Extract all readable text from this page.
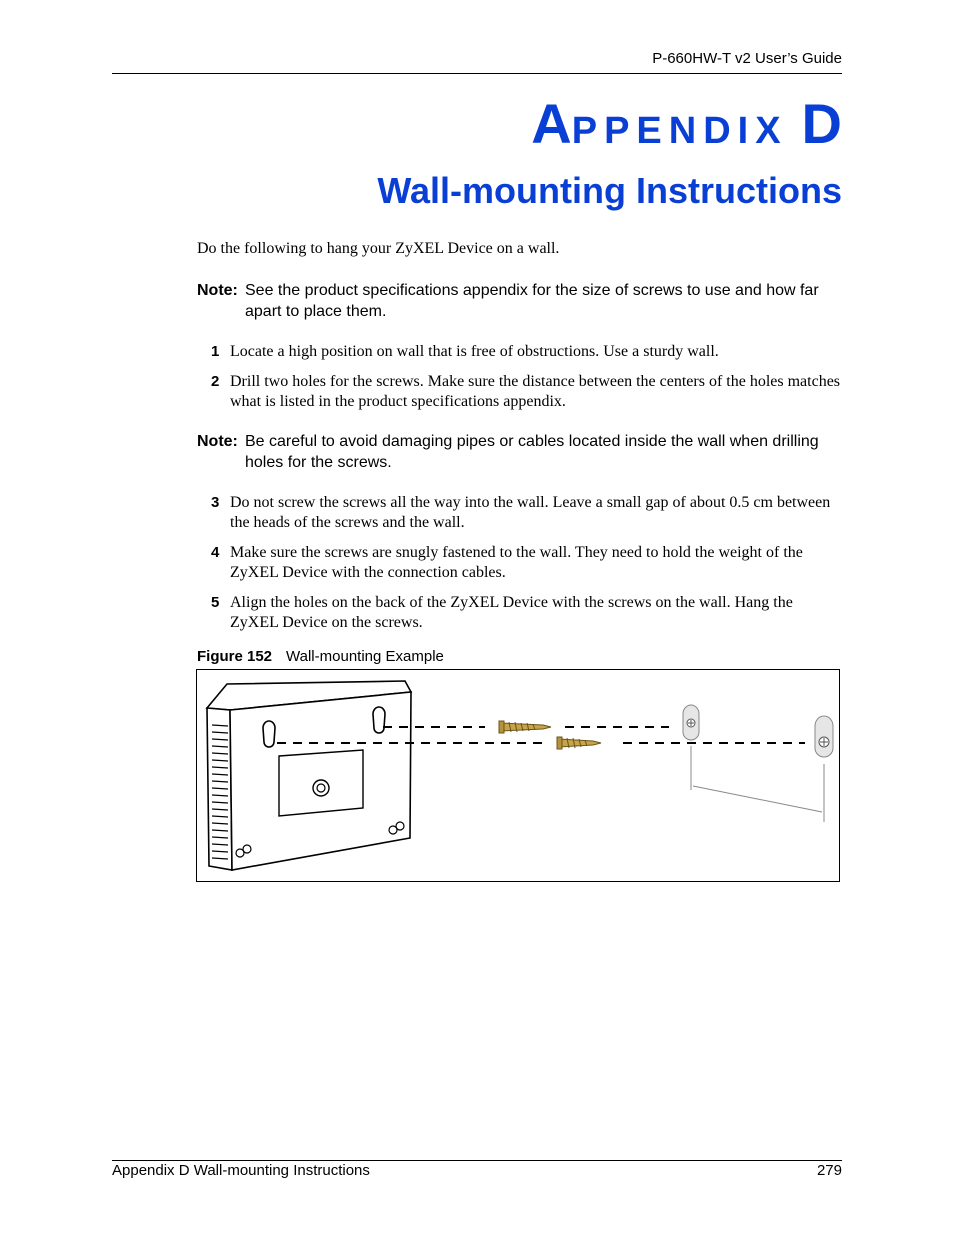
P-660HW-T v2 User’s Guide
APPENDIX D
Wall-mounting Instructions
Do the following to hang your ZyXEL Device on a wall.
Note: See the product specifications appendix for the size of screws to use and how far apart to place them.
1 Locate a high position on wall that is free of obstructions. Use a sturdy wall.
2 Drill two holes for the screws. Make sure the distance between the centers of the holes matches what is listed in the product specifications appendix.
Note: Be careful to avoid damaging pipes or cables located inside the wall when drilling holes for the screws.
3 Do not screw the screws all the way into the wall. Leave a small gap of about 0.5 cm between the heads of the screws and the wall.
4 Make sure the screws are snugly fastened to the wall. They need to hold the weight of the ZyXEL Device with the connection cables.
5 Align the holes on the back of the ZyXEL Device with the screws on the wall. Hang the ZyXEL Device on the screws.
Figure 152 Wall-mounting Example
Appendix D Wall-mounting Instructions	279
